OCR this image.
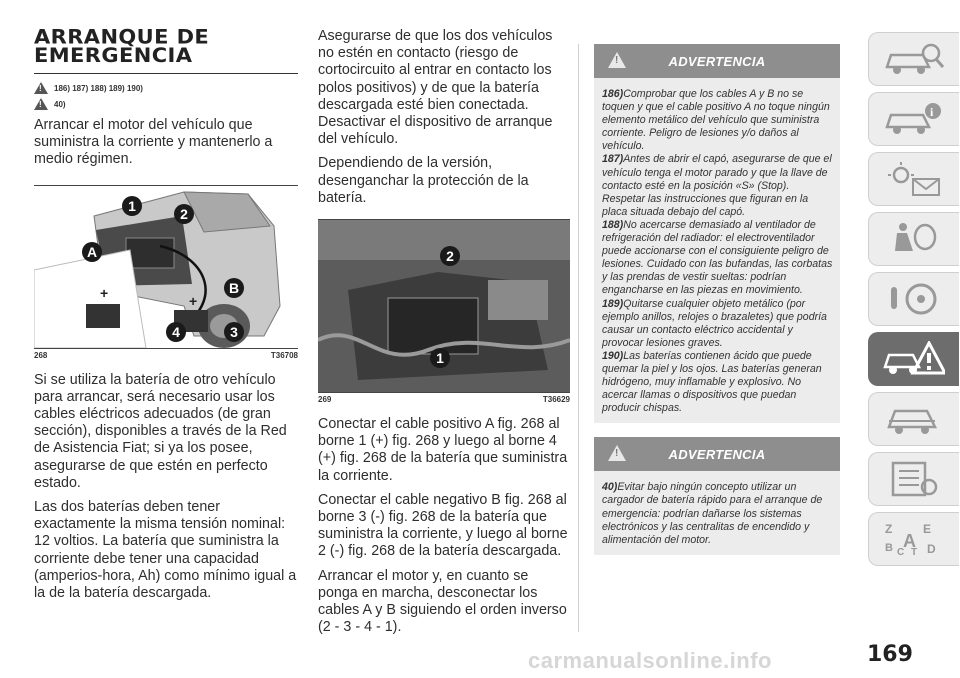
ARRANQUE DE
EMERGENCIA
!
186) 187) 188) 189) 190)
!
40)

Arrancar el motor del vehículo que suministra la corriente y mantenerlo a medio régimen.

+	+
1	2
A
B
4	3
268	T36708

Si se utiliza la batería de otro vehículo para arrancar, será necesario usar los cables eléctricos adecuados (de gran sección), disponibles a través de la Red de Asistencia Fiat; si ya los posee, asegurarse de que estén en perfecto estado.

Las dos baterías deben tener exactamente la misma tensión nominal: 12 voltios. La batería que suministra la corriente debe tener una capacidad (amperios-hora, Ah) como mínimo igual a la de la batería descargada.

Asegurarse de que los dos vehículos no estén en contacto (riesgo de cortocircuito al entrar en contacto los polos positivos) y de que la batería descargada esté bien conectada. Desactivar el dispositivo de arranque del vehículo.

Dependiendo de la versión, desenganchar la protección de la batería.

2
1
269	T36629

Conectar el cable positivo A fig. 268 al borne 1 (+) fig. 268 y luego al borne 4 (+) fig. 268 de la batería que suministra la corriente.

Conectar el cable negativo B fig. 268 al borne 3 (-) fig. 268 de la batería que suministra la corriente, y luego al borne 2 (-) fig. 268 de la batería descargada.

Arrancar el motor y, en cuanto se ponga en marcha, desconectar los cables A y B siguiendo el orden inverso (2 - 3 - 4 - 1).

!
ADVERTENCIA

186)Comprobar que los cables A y B no se toquen y que el cable positivo A no toque ningún elemento metálico del vehículo que suministra corriente. Peligro de lesiones y/o daños al vehículo.

187)Antes de abrir el capó, asegurarse de que el vehículo tenga el motor parado y que la llave de contacto esté en la posición «S» (Stop). Respetar las instrucciones que figuran en la placa situada debajo del capó.

188)No acercarse demasiado al ventilador de refrigeración del radiador: el electroventilador puede accionarse con el consiguiente peligro de lesiones. Cuidado con las bufandas, las corbatas y las prendas de vestir sueltas: podrían engancharse en las piezas en movimiento.

189)Quitarse cualquier objeto metálico (por ejemplo anillos, relojes o brazaletes) que podría causar un contacto eléctrico accidental y provocar lesiones graves.

190)Las baterías contienen ácido que puede quemar la piel y los ojos. Las baterías generan hidrógeno, muy inflamable y explosivo. No acercar llamas o dispositivos que puedan producir chispas.

!
ADVERTENCIA

40)Evitar bajo ningún concepto utilizar un cargador de batería rápido para el arranque de emergencia: podrían dañarse los sistemas electrónicos y las centralitas de encendido y alimentación del motor.

i
Z	E
B A
C T D
169
carmanualsonline.info
